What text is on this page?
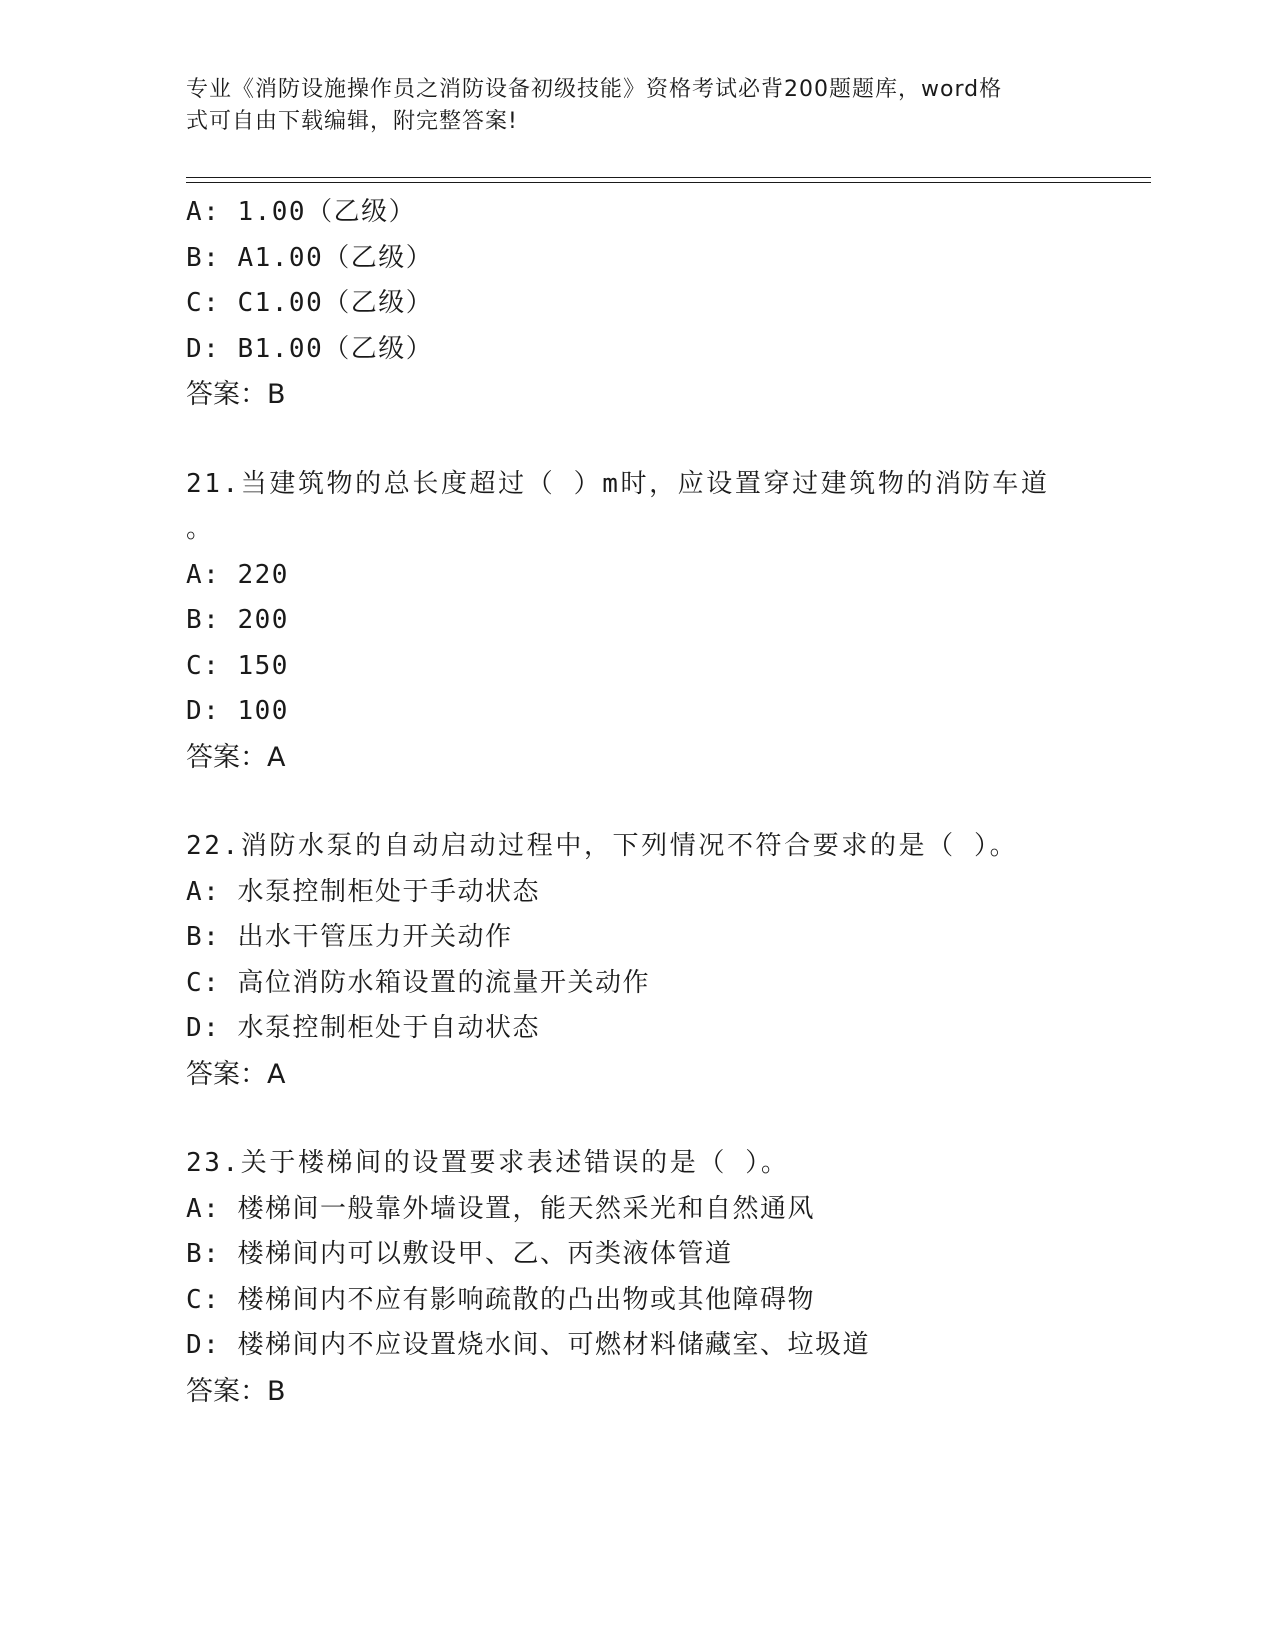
专业《消防设施操作员之消防设备初级技能》资格考试必背200题题库，word格
式可自由下载编辑，附完整答案!
A: 1.00（乙级）
B: A1.00（乙级）
C: C1.00（乙级）
D: B1.00（乙级）
答案：B
21.当建筑物的总长度超过（ ）m时，应设置穿过建筑物的消防车道
。
A: 220
B: 200
C: 150
D: 100
答案：A
22.消防水泵的自动启动过程中，下列情况不符合要求的是（ ）。
A: 水泵控制柜处于手动状态
B: 出水干管压力开关动作
C: 高位消防水箱设置的流量开关动作
D: 水泵控制柜处于自动状态
答案：A
23.关于楼梯间的设置要求表述错误的是（ ）。
A: 楼梯间一般靠外墙设置，能天然采光和自然通风
B: 楼梯间内可以敷设甲、乙、丙类液体管道
C: 楼梯间内不应有影响疏散的凸出物或其他障碍物
D: 楼梯间内不应设置烧水间、可燃材料储藏室、垃圾道
答案：B
